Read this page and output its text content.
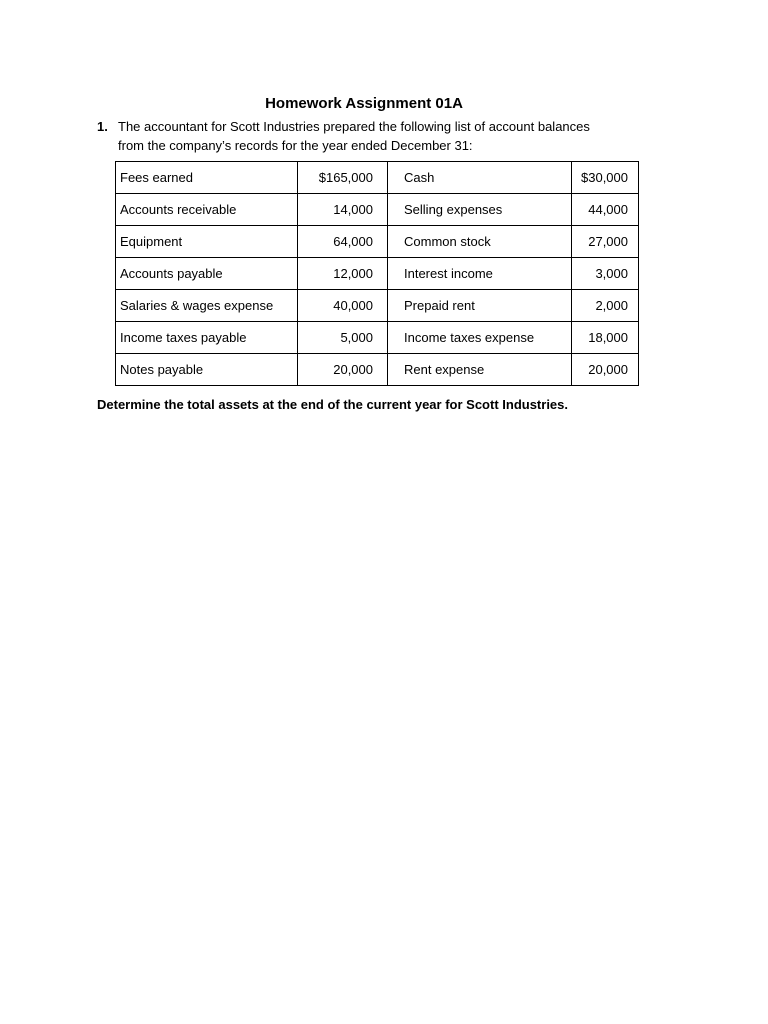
Homework Assignment 01A
1. The accountant for Scott Industries prepared the following list of account balances
from the company’s records for the year ended December 31:
Fees earned	$165,000	Cash	$30,000
Accounts receivable	14,000	Selling expenses	44,000
Equipment	64,000	Common stock	27,000
Accounts payable	12,000	Interest income	3,000
Salaries & wages expense	40,000	Prepaid rent	2,000
Income taxes payable	5,000	Income taxes expense	18,000
Notes payable	20,000	Rent expense	20,000
Determine the total assets at the end of the current year for Scott Industries.
